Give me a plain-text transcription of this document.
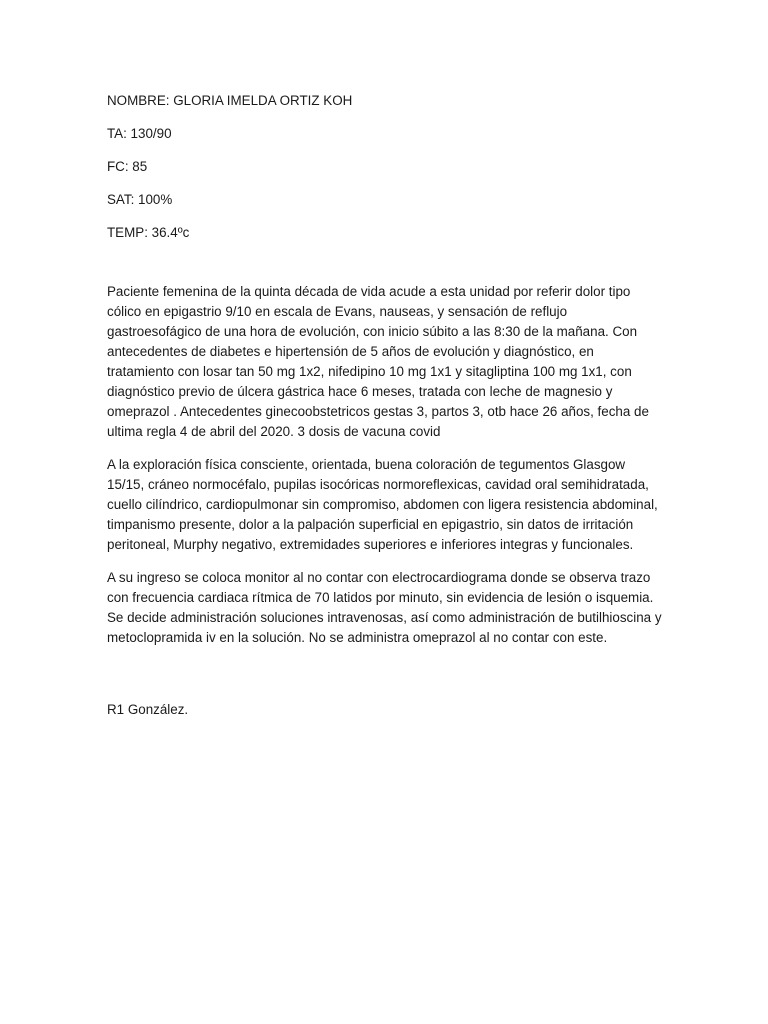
NOMBRE: GLORIA IMELDA ORTIZ KOH
TA: 130/90
FC: 85
SAT: 100%
TEMP: 36.4ºc

Paciente femenina de la quinta década de vida acude a esta unidad por referir dolor tipo cólico en epigastrio 9/10 en escala de Evans, nauseas, y sensación de reflujo gastroesofágico de una hora de evolución, con inicio súbito a las 8:30 de la mañana. Con antecedentes de diabetes e hipertensión de 5 años de evolución y diagnóstico, en tratamiento con losar tan 50 mg 1x2, nifedipino 10 mg 1x1 y sitagliptina 100 mg 1x1, con diagnóstico previo de úlcera gástrica hace 6 meses, tratada con leche de magnesio y omeprazol . Antecedentes ginecoobstetricos gestas 3, partos 3, otb hace 26 años, fecha de ultima regla 4 de abril del 2020. 3 dosis de vacuna covid

A la exploración física consciente, orientada, buena coloración de tegumentos Glasgow 15/15, cráneo normocéfalo, pupilas isocóricas normoreflexicas, cavidad oral semihidratada, cuello cilíndrico, cardiopulmonar sin compromiso, abdomen con ligera resistencia abdominal, timpanismo presente, dolor a la palpación superficial en epigastrio, sin datos de irritación peritoneal, Murphy negativo, extremidades superiores e inferiores integras y funcionales.

A su ingreso se coloca monitor al no contar con electrocardiograma donde se observa trazo con frecuencia cardiaca rítmica de 70 latidos por minuto, sin evidencia de lesión o isquemia. Se decide administración soluciones intravenosas, así como administración de butilhioscina y metoclopramida iv en la solución. No se administra omeprazol al no contar con este.

R1 González.
